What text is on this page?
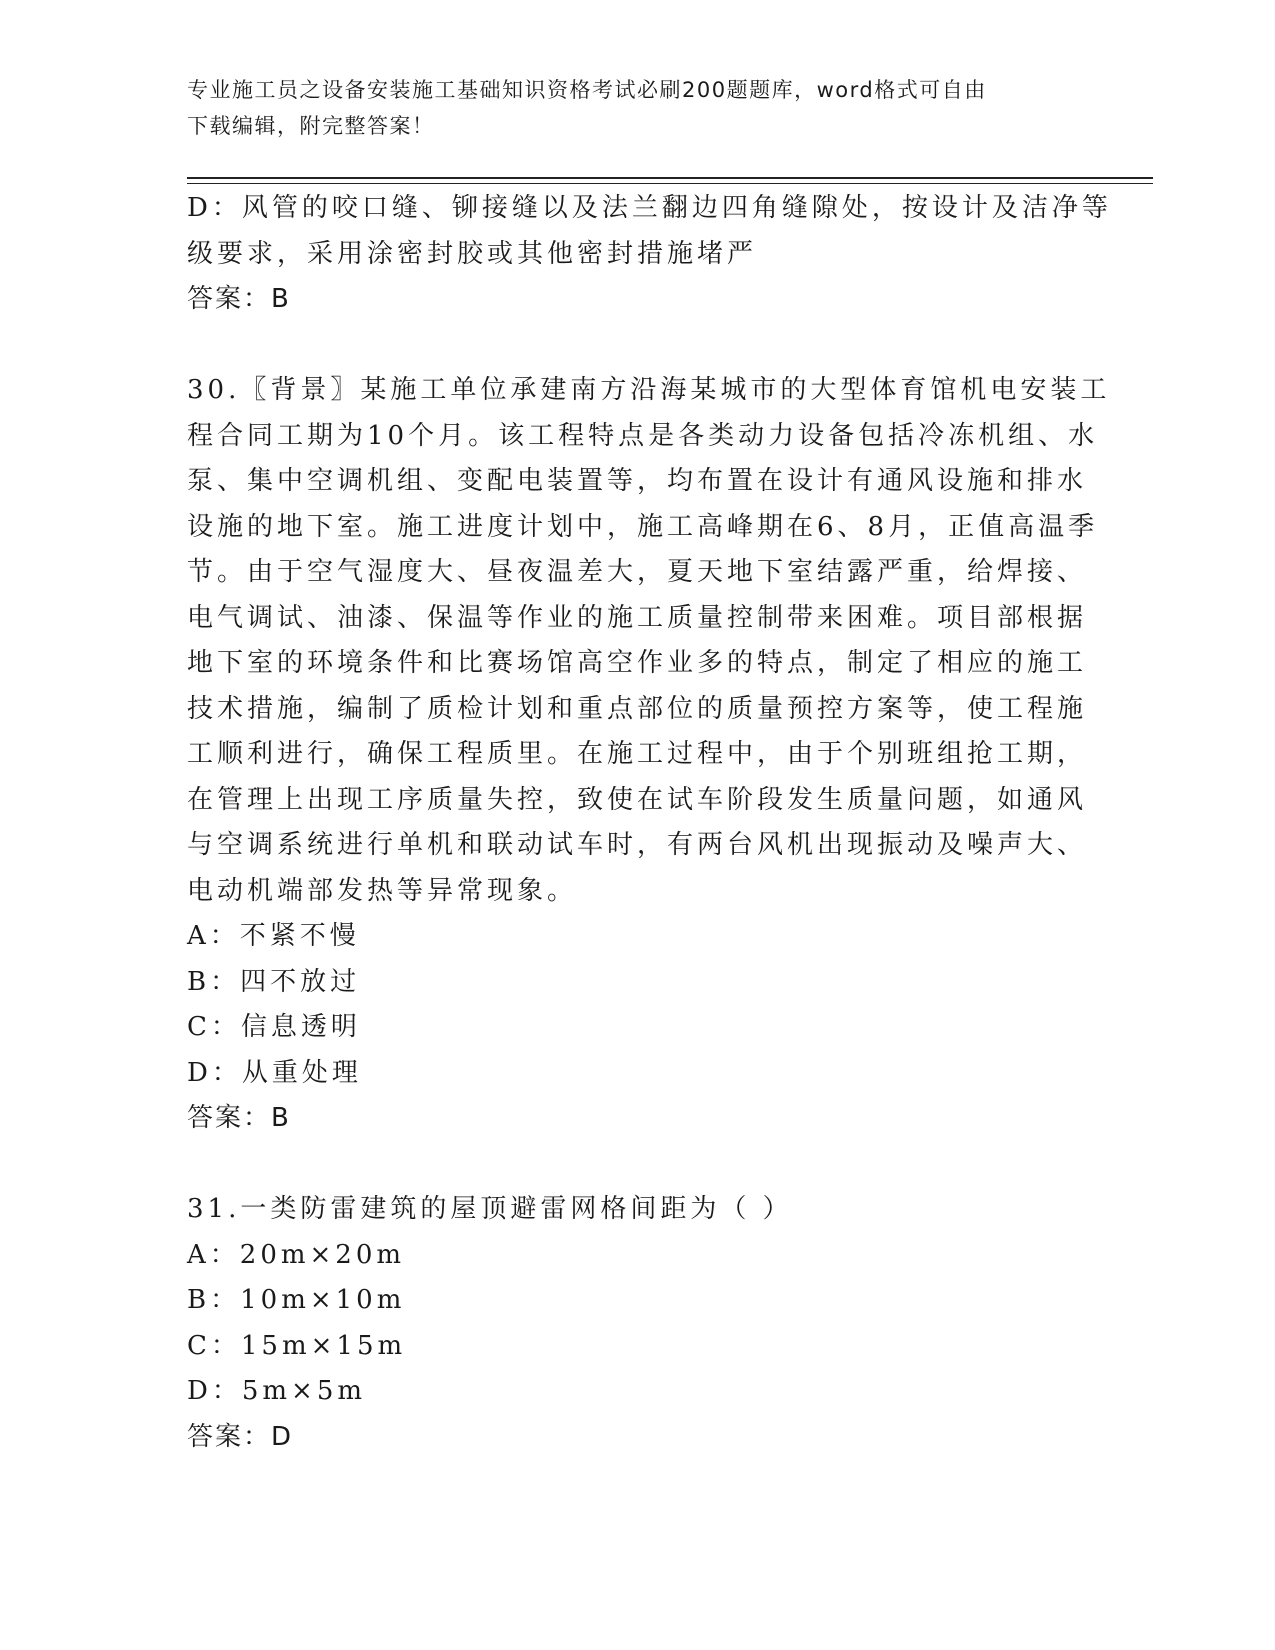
专业施工员之设备安装施工基础知识资格考试必刷200题题库，word格式可自由
下载编辑，附完整答案！
D：风管的咬口缝、铆接缝以及法兰翻边四角缝隙处，按设计及洁净等
级要求，采用涂密封胶或其他密封措施堵严
答案：B
30.〖背景〗某施工单位承建南方沿海某城市的大型体育馆机电安装工
程合同工期为10个月。该工程特点是各类动力设备包括冷冻机组、水
泵、集中空调机组、变配电装置等，均布置在设计有通风设施和排水
设施的地下室。施工进度计划中，施工高峰期在6、8月，正值高温季
节。由于空气湿度大、昼夜温差大，夏天地下室结露严重，给焊接、
电气调试、油漆、保温等作业的施工质量控制带来困难。项目部根据
地下室的环境条件和比赛场馆高空作业多的特点，制定了相应的施工
技术措施，编制了质检计划和重点部位的质量预控方案等，使工程施
工顺利进行，确保工程质里。在施工过程中，由于个别班组抢工期，
在管理上出现工序质量失控，致使在试车阶段发生质量问题，如通风
与空调系统进行单机和联动试车时，有两台风机出现振动及噪声大、
电动机端部发热等异常现象。
A：不紧不慢
B：四不放过
C：信息透明
D：从重处理
答案：B
31.一类防雷建筑的屋顶避雷网格间距为（ ）
A：20m×20m
B：10m×10m
C：15m×15m
D：5m×5m
答案：D
